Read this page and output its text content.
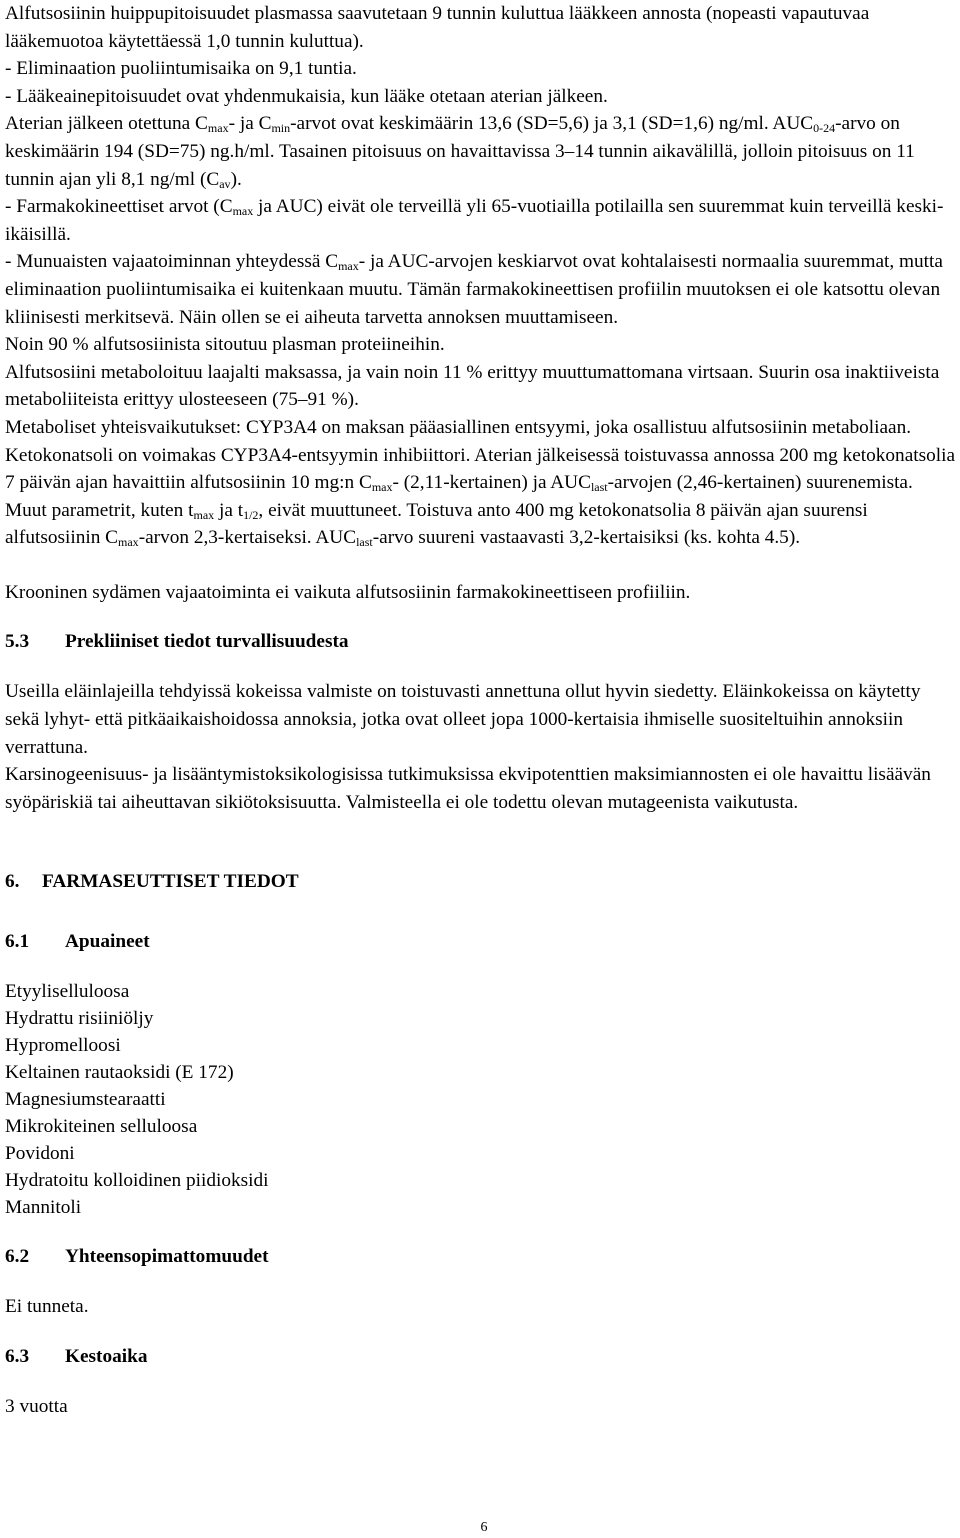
Alfutsosiinin huippupitoisuudet plasmassa saavutetaan 9 tunnin kuluttua lääkkeen annosta (nopeasti vapautuvaa lääkemuotoa käytettäessä 1,0 tunnin kuluttua).

- Eliminaation puoliintumisaika on 9,1 tuntia.

- Lääkeainepitoisuudet ovat yhdenmukaisia, kun lääke otetaan aterian jälkeen.

Aterian jälkeen otettuna $C_{max}-$ ja $C_{min}$-arvot ovat keskimäärin 13,6 (SD=5,6) ja 3,1 (SD=1,6) ng/ml. $AUC_{0-24}$-arvo on keskimäärin 194 (SD=75) ng.h/ml. Tasainen pitoisuus on havaittavissa 3–14 tunnin aikavälillä, jolloin pitoisuus on 11 tunnin ajan yli 8,1 ng/ml $(C_{av})$.

- Farmakokineettiset arvot ($C_{max}$ ja AUC) eivät ole terveillä yli 65-vuotiailla potilailla sen suuremmat kuin terveillä keski-ikäisillä.

- Munuaisten vajaatoiminnan yhteydessä $C_{max}-$ ja AUC-arvojen keskiarvot ovat kohtalaisesti normaalia suuremmat, mutta eliminaation puoliintumisaika ei kuitenkaan muutu. Tämän farmakokineettisen profiilin muutoksen ei ole katsottu olevan kliinisesti merkitsevä. Näin ollen se ei aiheuta tarvetta annoksen muuttamiseen.

Noin 90 % alfutsosiinista sitoutuu plasman proteiineihin.

Alfutsosiini metaboloituu laajalti maksassa, ja vain noin 11 % erittyy muuttumattomana virtsaan. Suurin osa inaktiiveista metaboliiteista erittyy ulosteeseen (75–91 %).

Metaboliset yhteisvaikutukset: CYP3A4 on maksan pääasiallinen entsyymi, joka osallistuu alfutsosiinin metaboliaan. Ketokonatsoli on voimakas CYP3A4-entsyymin inhibiittori. Aterian jälkeisessä toistuvassa annossa 200 mg ketokonatsolia 7 päivän ajan havaittiin alfutsosiinin 10 mg:n $C_{max}-$ (2,11-kertainen) ja $AUC_{last}$-arvojen (2,46-kertainen) suurenemista. Muut parametrit, kuten $t_{max}$ ja $t_{1/2}$, eivät muuttuneet. Toistuva anto 400 mg ketokonatsolia 8 päivän ajan suurensi alfutsosiinin $C_{max}$-arvon 2,3-kertaiseksi. $AUC_{last}$-arvo suureni vastaavasti 3,2-kertaisiksi (ks. kohta 4.5).

Krooninen sydämen vajaatoiminta ei vaikuta alfutsosiinin farmakokineettiseen profiiliin.

5.3 Prekliiniset tiedot turvallisuudesta

Useilla eläinlajeilla tehdyissä kokeissa valmiste on toistuvasti annettuna ollut hyvin siedetty. Eläinkokeissa on käytetty sekä lyhyt- että pitkäaikaishoidossa annoksia, jotka ovat olleet jopa 1000-kertaisia ihmiselle suositeltuihin annoksiin verrattuna.

Karsinogeenisuus- ja lisääntymistoksikologisissa tutkimuksissa ekvipotenttien maksimiannosten ei ole havaittu lisäävän syöpäriskiä tai aiheuttavan sikiötoksisuutta. Valmisteella ei ole todettu olevan mutageenista vaikutusta.

6. FARMASEUTTISET TIEDOT
6.1 Apuaineet
Etyyliselluloosa
Hydrattu risiiniöljy
Hypromelloosi
Keltainen rautaoksidi (E 172)
Magnesiumstearaatti
Mikrokiteinen selluloosa
Povidoni
Hydratoitu kolloidinen piidioksidi
Mannitoli
6.2 Yhteensopimattomuudet

Ei tunneta.

6.3 Kestoaika

3 vuotta

6
